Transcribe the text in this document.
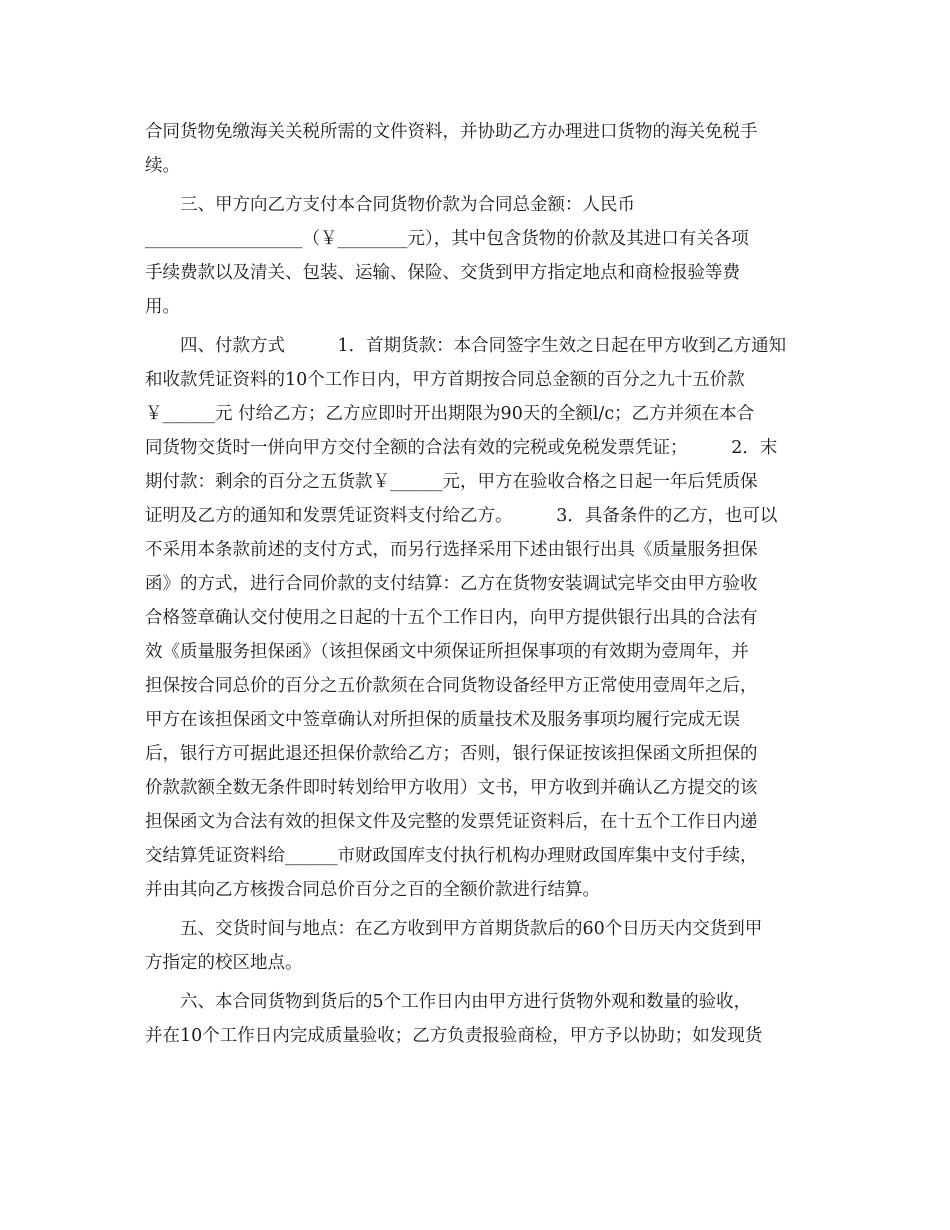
合同货物免缴海关关税所需的文件资料，并协助乙方办理进口货物的海关免税手

续。

　　三、甲方向乙方支付本合同货物价款为合同总金额：人民币

__________________（￥________元），其中包含货物的价款及其进口有关各项

手续费款以及清关、包装、运输、保险、交货到甲方指定地点和商检报验等费

用。

　　四、付款方式　　　1．首期货款：本合同签字生效之日起在甲方收到乙方通知

和收款凭证资料的10个工作日内，甲方首期按合同总金额的百分之九十五价款

￥______元 付给乙方；乙方应即时开出期限为90天的全额l/c；乙方并须在本合

同货物交货时一併向甲方交付全额的合法有效的完税或免税发票凭证；　　　2．末

期付款：剩余的百分之五货款￥______元，甲方在验收合格之日起一年后凭质保

证明及乙方的通知和发票凭证资料支付给乙方。　　　3．具备条件的乙方，也可以

不采用本条款前述的支付方式，而另行选择采用下述由银行出具《质量服务担保

函》的方式，进行合同价款的支付结算：乙方在货物安装调试完毕交由甲方验收

合格签章确认交付使用之日起的十五个工作日内，向甲方提供银行出具的合法有

效《质量服务担保函》（该担保函文中须保证所担保事项的有效期为壹周年，并

担保按合同总价的百分之五价款须在合同货物设备经甲方正常使用壹周年之后，

甲方在该担保函文中签章确认对所担保的质量技术及服务事项均履行完成无误

后，银行方可据此退还担保价款给乙方；否则，银行保证按该担保函文所担保的

价款款额全数无条件即时转划给甲方收用）文书，甲方收到并确认乙方提交的该

担保函文为合法有效的担保文件及完整的发票凭证资料后，在十五个工作日内递

交结算凭证资料给______市财政国库支付执行机构办理财政国库集中支付手续，

并由其向乙方核拨合同总价百分之百的全额价款进行结算。

　　五、交货时间与地点：在乙方收到甲方首期货款后的60个日历天内交货到甲

方指定的校区地点。

　　六、本合同货物到货后的5个工作日内由甲方进行货物外观和数量的验收，

并在10个工作日内完成质量验收；乙方负责报验商检，甲方予以协助；如发现货
